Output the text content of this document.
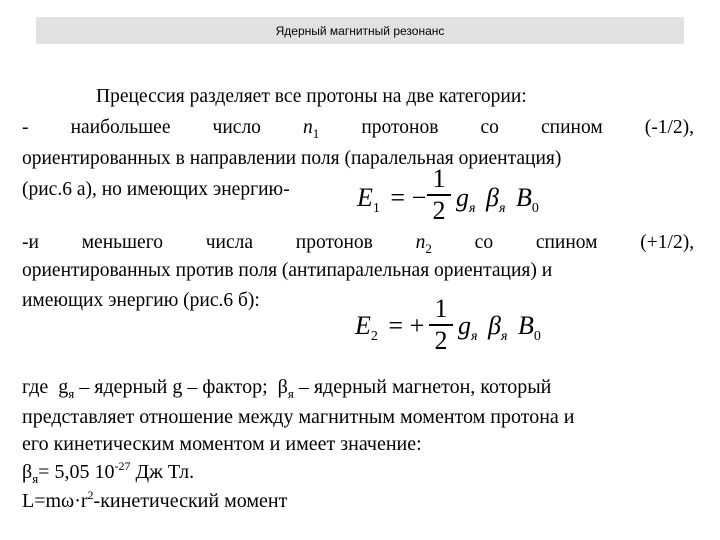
Ядерный магнитный резонанс
Прецессия разделяет все протоны на две категории:
- наибольшее число $n_1$ протонов со спином (-1/2),
ориентированных в направлении поля (паралельная ориентация)
(рис.6 а), но имеющих энергию-	$E_1$ = −
1
2 $g_я$ $\beta_я$ $B_0$
-и меньшего числа протонов $n_2$ со спином (+1/2),
ориентированных против поля (антипаралельная ориентация) и
имеющих энергию (рис.6 б):
$E_2$ = +
1
2 $g_я$ $\beta_я$ $B_0$
где $g_я$ – ядерный g – фактор; $\beta_я$ – ядерный магнетон, который
представляет отношение между магнитным моментом протона и
его кинетическим моментом и имеет значение:
$\beta_я= 5,05$ $10^{-27}$ Дж Тл.
$L=m\omega\cdot r^2$-кинетический момент
